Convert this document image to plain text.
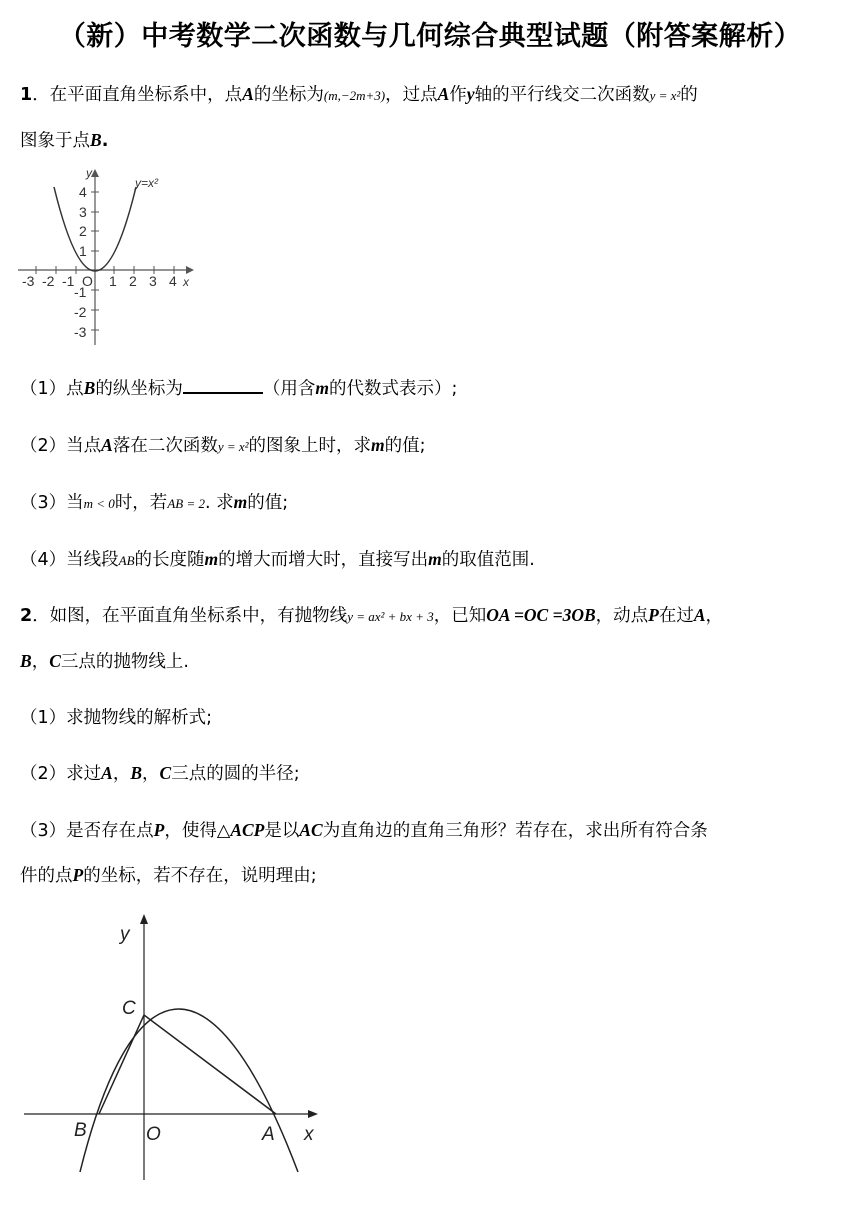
（新）中考数学二次函数与几何综合典型试题（附答案解析）
1．在平面直角坐标系中，点A的坐标为(m,−2m+3)，过点A作y轴的平行线交二次函数y = x²的
图象于点B.
y=x²
y
x
O
-3 -2 -1 1 2 3 4
4
3
2
1
-1
-2
-3
（1）点B的纵坐标为	（用含m的代数式表示）;
（2）当点A落在二次函数y = x²的图象上时，求m的值;
（3）当m < 0时，若AB = 2. 求m的值;
（4）当线段AB的长度随m的增大而增大时，直接写出m的取值范围.
2．如图，在平面直角坐标系中，有抛物线y = ax² + bx + 3，已知OA =OC =3OB，动点P在过A，
B，C三点的抛物线上.
（1）求抛物线的解析式;
（2）求过A，B，C三点的圆的半径;
（3）是否存在点P，使得△ACP是以AC为直角边的直角三角形？若存在，求出所有符合条
件的点P的坐标，若不存在，说明理由;
y
x
C
B	O	A
